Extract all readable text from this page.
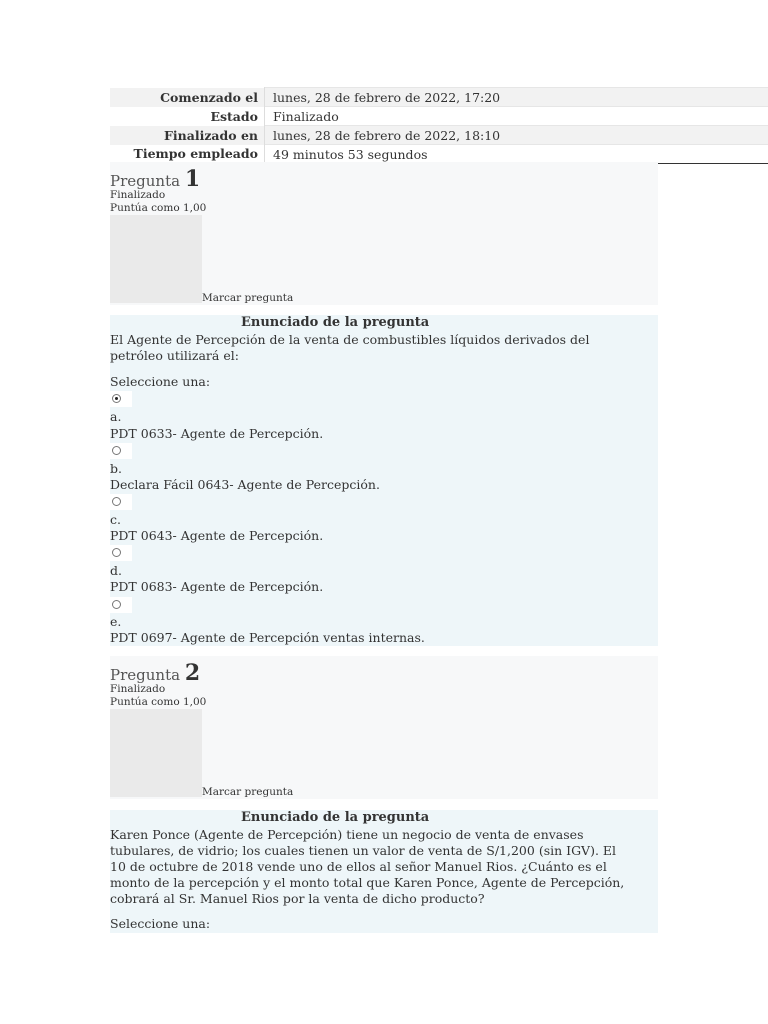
Comenzado el	lunes, 28 de febrero de 2022, 17:20
Estado	Finalizado
Finalizado en	lunes, 28 de febrero de 2022, 18:10
Tiempo empleado	49 minutos 53 segundos
Pregunta 1
Finalizado
Puntúa como 1,00
Marcar pregunta
Enunciado de la pregunta
El Agente de Percepción de la venta de combustibles líquidos derivados del petróleo utilizará el:
Seleccione una:
a.
PDT 0633- Agente de Percepción.
b.
Declara Fácil 0643- Agente de Percepción.
c.
PDT 0643- Agente de Percepción.
d.
PDT 0683- Agente de Percepción.
e.
PDT 0697- Agente de Percepción ventas internas.
Pregunta 2
Finalizado
Puntúa como 1,00
Marcar pregunta
Enunciado de la pregunta
Karen Ponce (Agente de Percepción) tiene un negocio de venta de envases tubulares, de vidrio; los cuales tienen un valor de venta de S/1,200 (sin IGV). El 10 de octubre de 2018 vende uno de ellos al señor Manuel Rios. ¿Cuánto es el monto de la percepción y el monto total que Karen Ponce, Agente de Percepción, cobrará al Sr. Manuel Rios por la venta de dicho producto?
Seleccione una:
